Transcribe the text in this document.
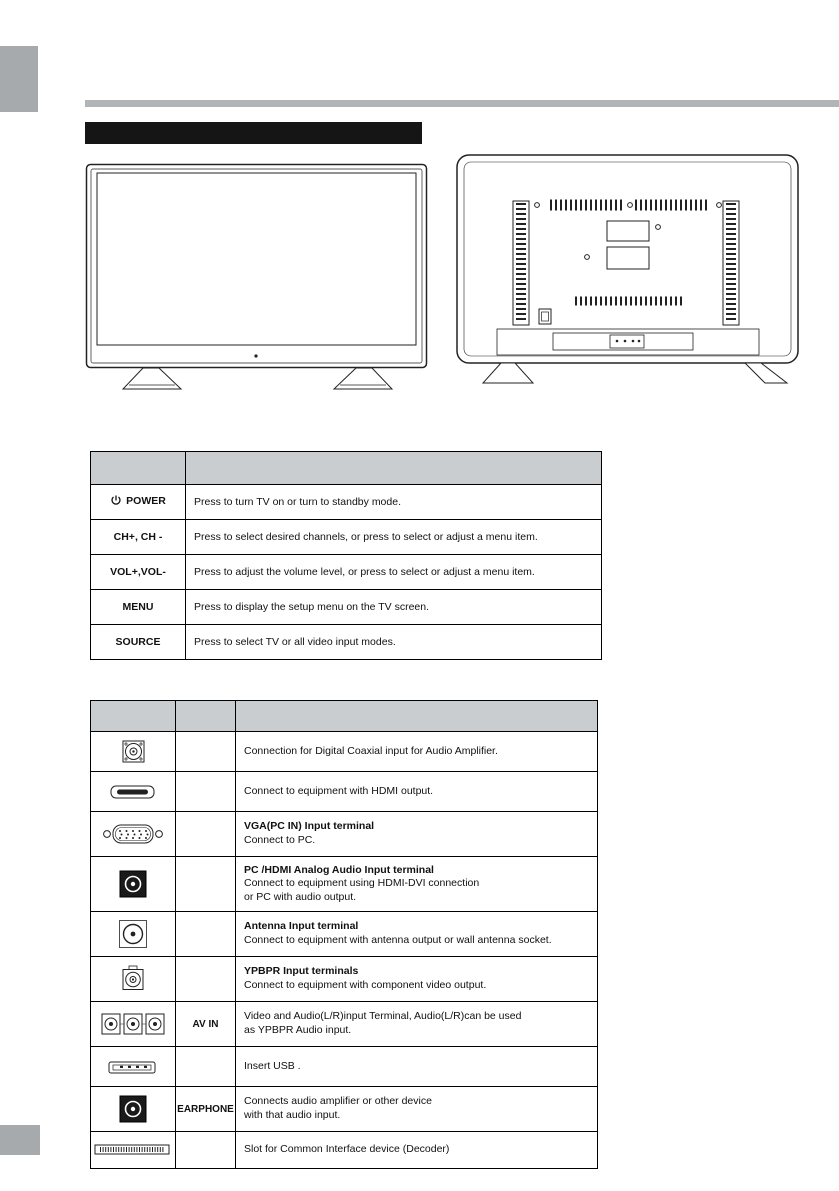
POWER	Press to turn TV on or turn to standby mode.
CH+, CH -	Press to select desired channels, or press to select or adjust a menu item.
VOL+,VOL-	Press to adjust the volume level, or press to select or adjust a menu item.
MENU	Press to display the setup menu on the TV screen.
SOURCE	Press to select TV or all video input modes.

Connection for Digital Coaxial input for Audio Amplifier.

Connect to equipment with HDMI output.

VGA(PC IN) Input terminal
Connect to PC.

PC /HDMI Analog Audio Input terminal
Connect to equipment using HDMI-DVI connection
or PC with audio output.

Antenna Input terminal
Connect to equipment with antenna output or wall antenna socket.

YPBPR Input terminals
Connect to equipment with component video output.

	AV IN	Video and Audio(L/R)input Terminal, Audio(L/R)can be used
as YPBPR Audio input.

Insert USB .

	EARPHONE	Connects audio amplifier or other device
with that audio input.

Slot for Common Interface device (Decoder)
